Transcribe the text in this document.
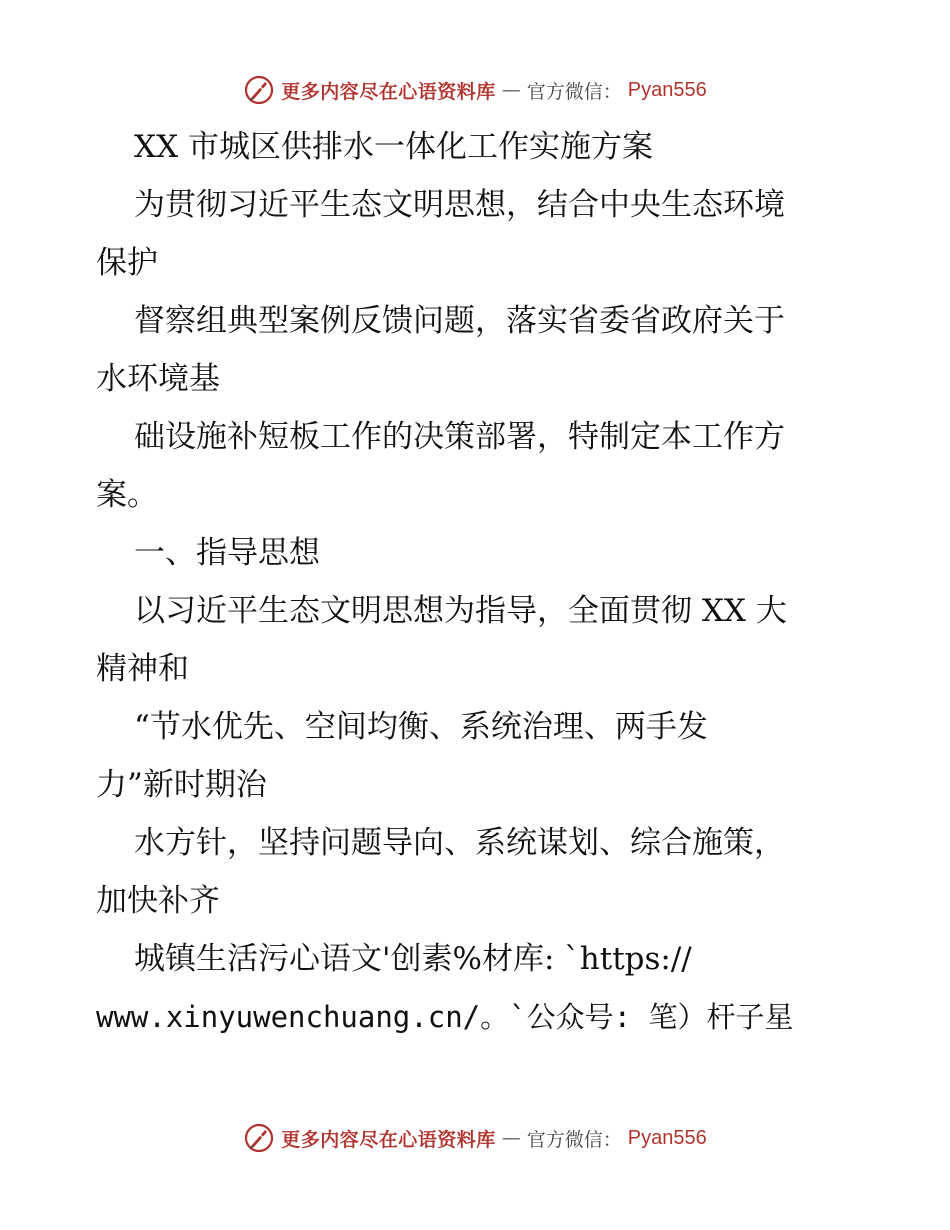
更多内容尽在心语资料库 — 官方微信： Pyan556
XX 市城区供排水一体化工作实施方案
为贯彻习近平生态文明思想，结合中央生态环境
保护
督察组典型案例反馈问题，落实省委省政府关于
水环境基
础设施补短板工作的决策部署，特制定本工作方
案。
一、指导思想
以习近平生态文明思想为指导，全面贯彻 XX 大
精神和
“节水优先、空间均衡、系统治理、两手发
力”新时期治
水方针，坚持问题导向、系统谋划、综合施策，
加快补齐
城镇生活污心语文'创素%材库: `https://
www.xinyuwenchuang.cn/。`公众号: 笔）杆子星
更多内容尽在心语资料库 — 官方微信： Pyan556
